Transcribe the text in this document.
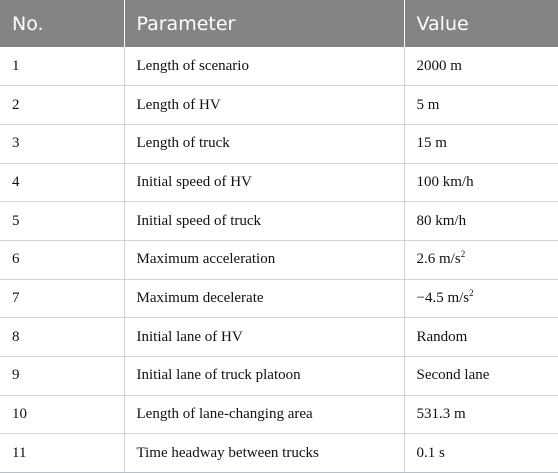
No.	Parameter	Value
1	Length of scenario	2000 m
2	Length of HV	5 m
3	Length of truck	15 m
4	Initial speed of HV	100 km/h
5	Initial speed of truck	80 km/h
6	Maximum acceleration	2.6 $m/s^2$
7	Maximum decelerate	−4.5 $m/s^2$
8	Initial lane of HV	Random
9	Initial lane of truck platoon	Second lane
10	Length of lane-changing area	531.3 m
11	Time headway between trucks	0.1 s
